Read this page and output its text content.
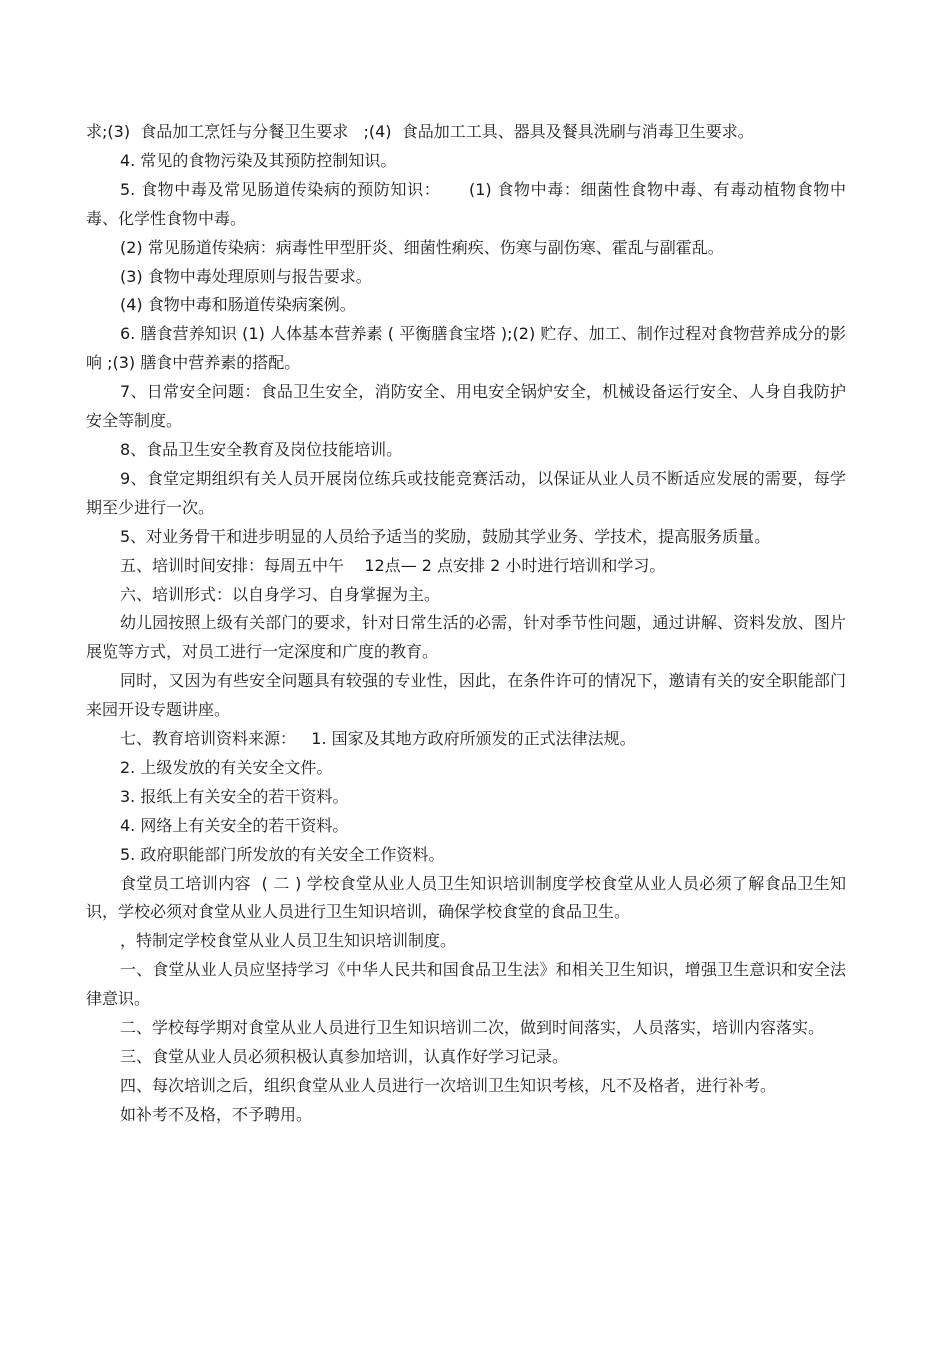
求;(3)  食品加工烹饪与分餐卫生要求   ;(4)  食品加工工具、器具及餐具洗刷与消毒卫生要求。

4. 常见的食物污染及其预防控制知识。

5. 食物中毒及常见肠道传染病的预防知识：     (1) 食物中毒：细菌性食物中毒、有毒动植物食物中毒、化学性食物中毒。

(2) 常见肠道传染病：病毒性甲型肝炎、细菌性痢疾、伤寒与副伤寒、霍乱与副霍乱。

(3) 食物中毒处理原则与报告要求。

(4) 食物中毒和肠道传染病案例。

6. 膳食营养知识 (1) 人体基本营养素 ( 平衡膳食宝塔 );(2) 贮存、加工、制作过程对食物营养成分的影响 ;(3) 膳食中营养素的搭配。

7、日常安全问题：食品卫生安全，消防安全、用电安全锅炉安全，机械设备运行安全、人身自我防护安全等制度。

8、食品卫生安全教育及岗位技能培训。

9、食堂定期组织有关人员开展岗位练兵或技能竞赛活动，以保证从业人员不断适应发展的需要，每学期至少进行一次。

5、对业务骨干和进步明显的人员给予适当的奖励，鼓励其学业务、学技术，提高服务质量。

五、培训时间安排：每周五中午    12点— 2 点安排 2 小时进行培训和学习。

六、培训形式：以自身学习、自身掌握为主。

幼儿园按照上级有关部门的要求，针对日常生活的必需，针对季节性问题，通过讲解、资料发放、图片展览等方式，对员工进行一定深度和广度的教育。

同时，又因为有些安全问题具有较强的专业性，因此，在条件许可的情况下，邀请有关的安全职能部门来园开设专题讲座。

七、教育培训资料来源：   1. 国家及其地方政府所颁发的正式法律法规。

2. 上级发放的有关安全文件。

3. 报纸上有关安全的若干资料。

4. 网络上有关安全的若干资料。

5. 政府职能部门所发放的有关安全工作资料。

食堂员工培训内容  ( 二 ) 学校食堂从业人员卫生知识培训制度学校食堂从业人员必须了解食品卫生知识，学校必须对食堂从业人员进行卫生知识培训，确保学校食堂的食品卫生。

，特制定学校食堂从业人员卫生知识培训制度。

一、食堂从业人员应坚持学习《中华人民共和国食品卫生法》和相关卫生知识，增强卫生意识和安全法律意识。

二、学校每学期对食堂从业人员进行卫生知识培训二次，做到时间落实，人员落实，培训内容落实。

三、食堂从业人员必须积极认真参加培训，认真作好学习记录。

四、每次培训之后，组织食堂从业人员进行一次培训卫生知识考核，凡不及格者，进行补考。

如补考不及格，不予聘用。
